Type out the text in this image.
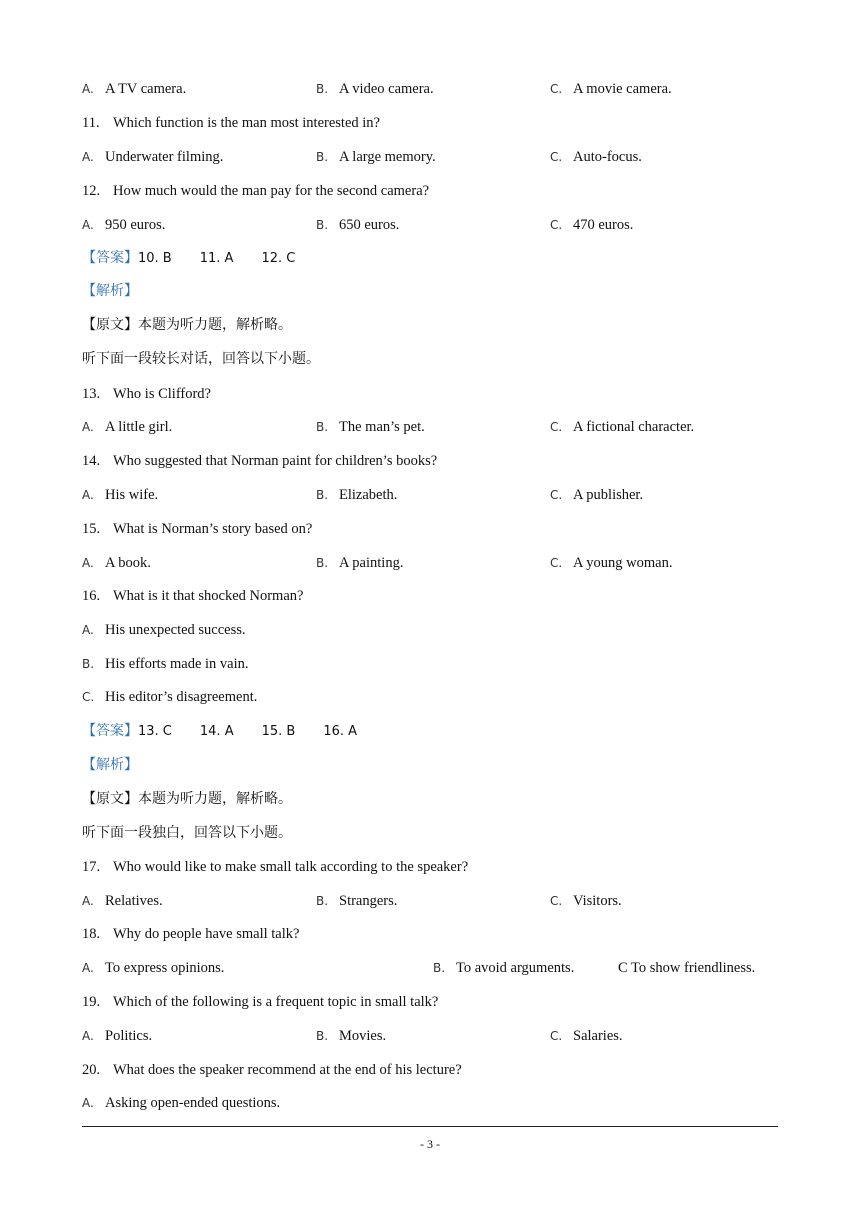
A. A TV camera.	B. A video camera.	C. A movie camera.
11. Which function is the man most interested in?
A. Underwater filming.	B. A large memory.	C. Auto-focus.
12. How much would the man pay for the second camera?
A. 950 euros.	B. 650 euros.	C. 470 euros.
【答案】10. B 11. A 12. C
【解析】
【原文】本题为听力题，解析略。
听下面一段较长对话，回答以下小题。
13. Who is Clifford?
A. A little girl.	B. The man’s pet.	C. A fictional character.
14. Who suggested that Norman paint for children’s books?
A. His wife.	B. Elizabeth.	C. A publisher.
15. What is Norman’s story based on?
A. A book.	B. A painting.	C. A young woman.
16. What is it that shocked Norman?
A. His unexpected success.
B. His efforts made in vain.
C. His editor’s disagreement.
【答案】13. C 14. A 15. B 16. A
【解析】
【原文】本题为听力题，解析略。
听下面一段独白，回答以下小题。
17. Who would like to make small talk according to the speaker?
A. Relatives.	B. Strangers.	C. Visitors.
18. Why do people have small talk?
A. To express opinions.	B. To avoid arguments.	C To show friendliness.
19. Which of the following is a frequent topic in small talk?
A. Politics.	B. Movies.	C. Salaries.
20. What does the speaker recommend at the end of his lecture?
A. Asking open-ended questions.
- 3 -
